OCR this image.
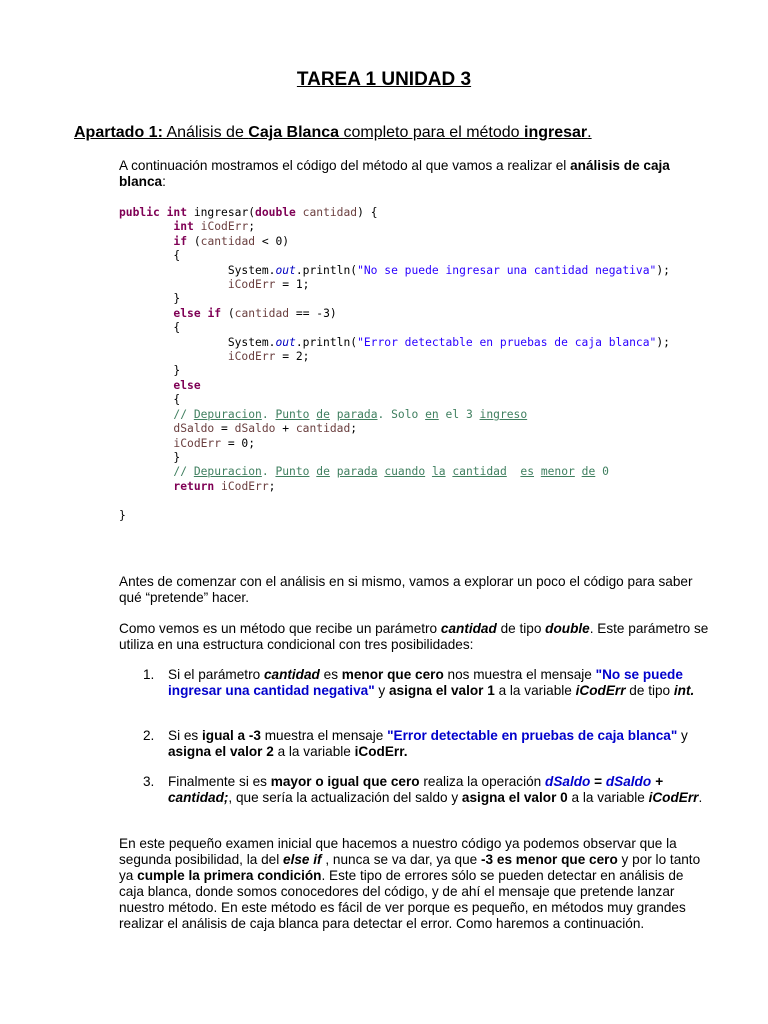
TAREA 1 UNIDAD 3
Apartado 1: Análisis de Caja Blanca completo para el método ingresar.
A continuación mostramos el código del método al que vamos a realizar el análisis de caja blanca:
public int ingresar(double cantidad) {
int iCodErr;
if (cantidad < 0)
{
System.out.println("No se puede ingresar una cantidad negativa");
iCodErr = 1;
}
else if (cantidad == -3)
{
System.out.println("Error detectable en pruebas de caja blanca");
iCodErr = 2;
}
else
{
// Depuracion. Punto de parada. Solo en el 3 ingreso
dSaldo = dSaldo + cantidad;
iCodErr = 0;
}
// Depuracion. Punto de parada cuando la cantidad es menor de 0
return iCodErr;

}
Antes de comenzar con el análisis en si mismo, vamos a explorar un poco el código para saber qué “pretende” hacer.
Como vemos es un método que recibe un parámetro cantidad de tipo double. Este parámetro se utiliza en una estructura condicional con tres posibilidades:
1. Si el parámetro cantidad es menor que cero nos muestra el mensaje "No se puede ingresar una cantidad negativa" y asigna el valor 1 a la variable iCodErr de tipo int.
2. Si es igual a -3 muestra el mensaje "Error detectable en pruebas de caja blanca" y asigna el valor 2 a la variable iCodErr.
3. Finalmente si es mayor o igual que cero realiza la operación dSaldo = dSaldo + cantidad;, que sería la actualización del saldo y asigna el valor 0 a la variable iCodErr.
En este pequeño examen inicial que hacemos a nuestro código ya podemos observar que la segunda posibilidad, la del else if , nunca se va dar, ya que -3 es menor que cero y por lo tanto ya cumple la primera condición. Este tipo de errores sólo se pueden detectar en análisis de caja blanca, donde somos conocedores del código, y de ahí el mensaje que pretende lanzar nuestro método. En este método es fácil de ver porque es pequeño, en métodos muy grandes realizar el análisis de caja blanca para detectar el error. Como haremos a continuación.
